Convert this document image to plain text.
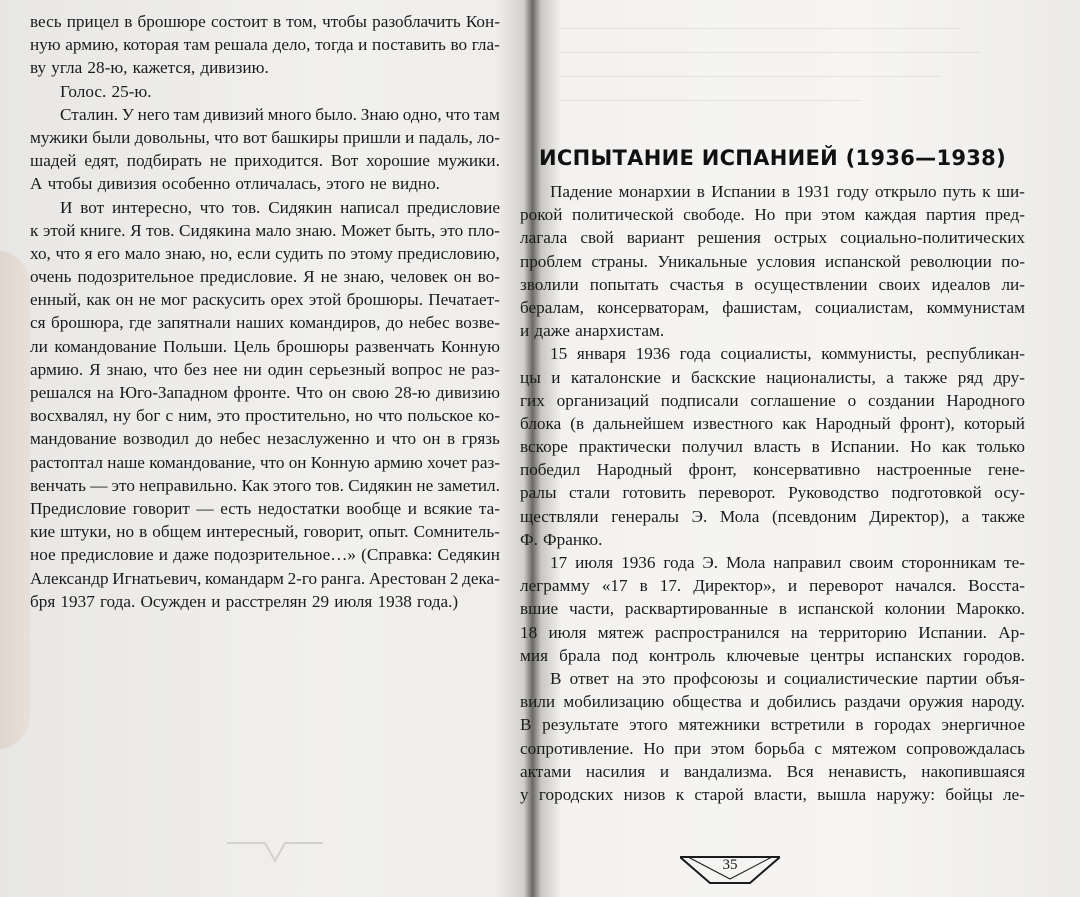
весь прицел в брошюре состоит в том, чтобы разоблачить Кон-
ную армию, которая там решала дело, тогда и поставить во гла-
ву угла 28-ю, кажется, дивизию.
Голос. 25-ю.
Сталин. У него там дивизий много было. Знаю одно, что там
мужики были довольны, что вот башкиры пришли и падаль, ло-
шадей едят, подбирать не приходится. Вот хорошие мужики.
А чтобы дивизия особенно отличалась, этого не видно.
И вот интересно, что тов. Сидякин написал предисловие
к этой книге. Я тов. Сидякина мало знаю. Может быть, это пло-
хо, что я его мало знаю, но, если судить по этому предисловию,
очень подозрительное предисловие. Я не знаю, человек он во-
енный, как он не мог раскусить орех этой брошюры. Печатает-
ся брошюра, где запятнали наших командиров, до небес возве-
ли командование Польши. Цель брошюры развенчать Конную
армию. Я знаю, что без нее ни один серьезный вопрос не раз-
решался на Юго-Западном фронте. Что он свою 28-ю дивизию
восхвалял, ну бог с ним, это простительно, но что польское ко-
мандование возводил до небес незаслуженно и что он в грязь
растоптал наше командование, что он Конную армию хочет раз-
венчать — это неправильно. Как этого тов. Сидякин не заметил.
Предисловие говорит — есть недостатки вообще и всякие та-
кие штуки, но в общем интересный, говорит, опыт. Сомнитель-
ное предисловие и даже подозрительное…» (Справка: Седякин
Александр Игнатьевич, командарм 2-го ранга. Арестован 2 дека-
бря 1937 года. Осужден и расстрелян 29 июля 1938 года.)
ИСПЫТАНИЕ ИСПАНИЕЙ (1936—1938)
Падение монархии в Испании в 1931 году открыло путь к ши-
рокой политической свободе. Но при этом каждая партия пред-
лагала свой вариант решения острых социально-политических
проблем страны. Уникальные условия испанской революции по-
зволили попытать счастья в осуществлении своих идеалов ли-
бералам, консерваторам, фашистам, социалистам, коммунистам
и даже анархистам.
15 января 1936 года социалисты, коммунисты, республикан-
цы и каталонские и баскские националисты, а также ряд дру-
гих организаций подписали соглашение о создании Народного
блока (в дальнейшем известного как Народный фронт), который
вскоре практически получил власть в Испании. Но как только
победил Народный фронт, консервативно настроенные гене-
ралы стали готовить переворот. Руководство подготовкой осу-
ществляли генералы Э. Мола (псевдоним Директор), а также
Ф. Франко.
17 июля 1936 года Э. Мола направил своим сторонникам те-
леграмму «17 в 17. Директор», и переворот начался. Восста-
вшие части, расквартированные в испанской колонии Марокко.
18 июля мятеж распространился на территорию Испании. Ар-
мия брала под контроль ключевые центры испанских городов.
В ответ на это профсоюзы и социалистические партии объя-
вили мобилизацию общества и добились раздачи оружия народу.
В результате этого мятежники встретили в городах энергичное
сопротивление. Но при этом борьба с мятежом сопровождалась
актами насилия и вандализма. Вся ненависть, накопившаяся
у городских низов к старой власти, вышла наружу: бойцы ле-
35
